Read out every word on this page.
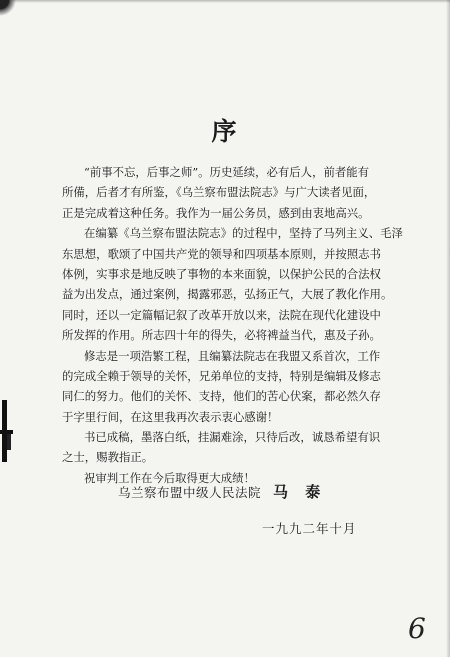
序
“前事不忘，后事之师”。历史延续，必有后人，前者能有
所備，后者才有所鉴，《乌兰察布盟法院志》与广大读者见面，
正是完成着这种任务。我作为一届公务员，感到由衷地高兴。
在编纂《乌兰察布盟法院志》的过程中，坚持了马列主义、毛泽
东思想，歌颂了中国共产党的领导和四项基本原则，并按照志书
体例，实事求是地反映了事物的本来面貌，以保护公民的合法权
益为出发点，通过案例，揭露邪恶，弘扬正气，大展了教化作用。
同时，还以一定篇幅记叙了改革开放以来，法院在现代化建设中
所发挥的作用。所志四十年的得失，必将裨益当代，惠及子孙。
修志是一项浩繁工程，且编纂法院志在我盟又系首次，工作
的完成全赖于领导的关怀，兄弟单位的支持，特别是编辑及修志
同仁的努力。他们的关怀、支持，他们的苦心伏案，都必然久存
于字里行间，在这里我再次表示衷心感谢！
书已成稿，墨落白纸，挂漏难涂，只待后改，诚恳希望有识
之士，赐教指正。
祝审判工作在今后取得更大成绩！
乌兰察布盟中级人民法院 马 泰
一九九二年十月
6
